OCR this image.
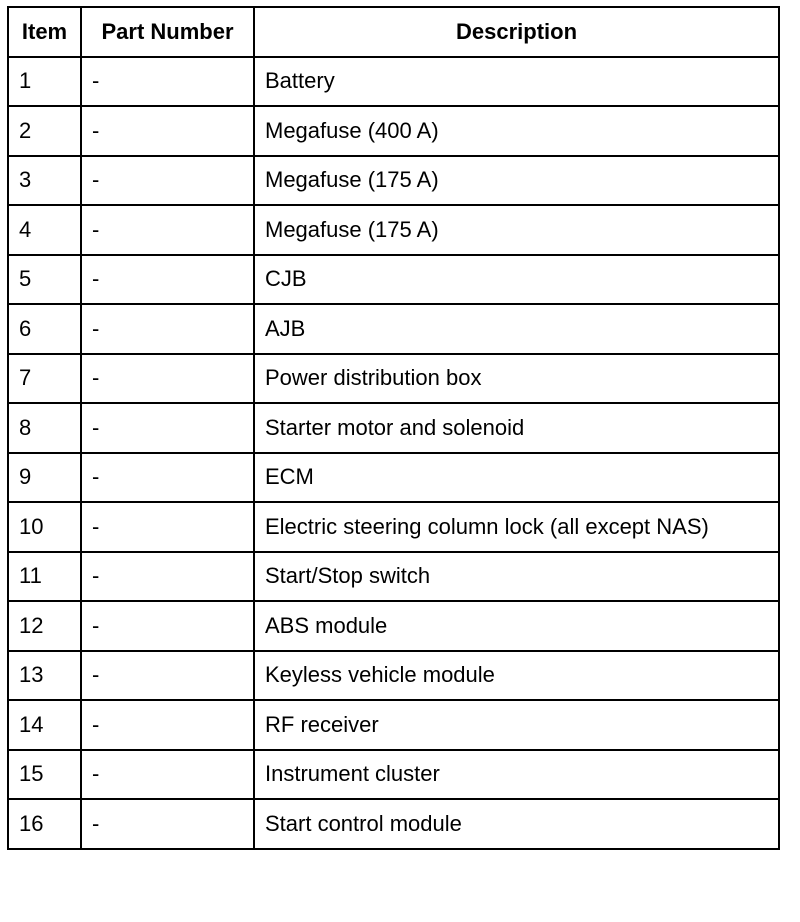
Item	Part Number	Description
1	-	Battery
2	-	Megafuse (400 A)
3	-	Megafuse (175 A)
4	-	Megafuse (175 A)
5	-	CJB
6	-	AJB
7	-	Power distribution box
8	-	Starter motor and solenoid
9	-	ECM
10	-	Electric steering column lock (all except NAS)
11	-	Start/Stop switch
12	-	ABS module
13	-	Keyless vehicle module
14	-	RF receiver
15	-	Instrument cluster
16	-	Start control module
